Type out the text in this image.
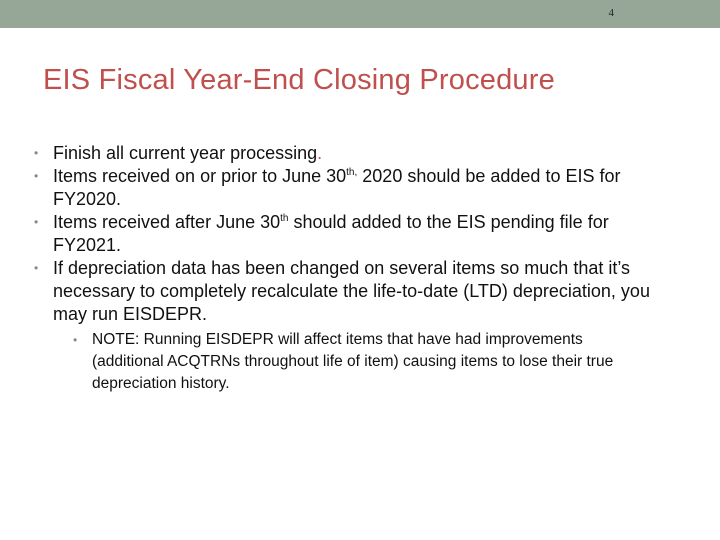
4
EIS Fiscal Year-End Closing Procedure
• Finish all current year processing.
• Items received on or prior to June $30^{th,}$ 2020 should be added to EIS for FY2020.
• Items received after June 30th should added to the EIS pending file for FY2021.
• If depreciation data has been changed on several items so much that it’s necessary to completely recalculate the life-to-date (LTD) depreciation, you may run EISDEPR.
• NOTE: Running EISDEPR will affect items that have had improvements (additional ACQTRNs throughout life of item) causing items to lose their true depreciation history.
